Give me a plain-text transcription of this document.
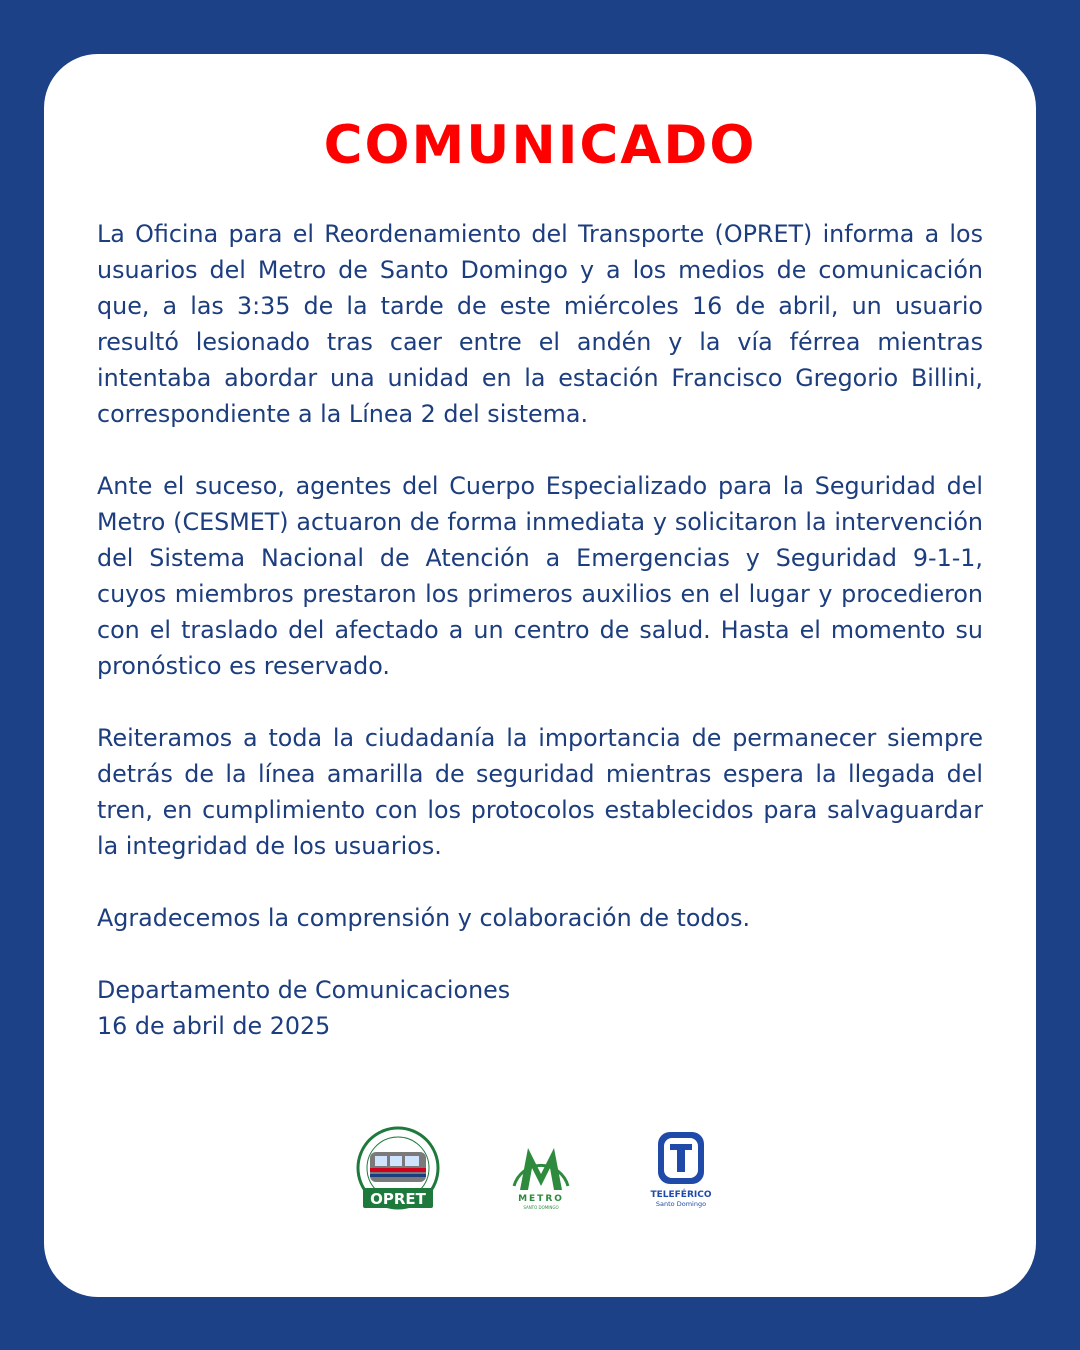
COMUNICADO

La Oficina para el Reordenamiento del Transporte (OPRET) informa a los usuarios del Metro de Santo Domingo y a los medios de comunicación que, a las 3:35 de la tarde de este miércoles 16 de abril, un usuario resultó lesionado tras caer entre el andén y la vía férrea mientras intentaba abordar una unidad en la estación Francisco Gregorio Billini, correspondiente a la Línea 2 del sistema.

Ante el suceso, agentes del Cuerpo Especializado para la Seguridad del Metro (CESMET) actuaron de forma inmediata y solicitaron la intervención del Sistema Nacional de Atención a Emergencias y Seguridad 9-1-1, cuyos miembros prestaron los primeros auxilios en el lugar y procedieron con el traslado del afectado a un centro de salud. Hasta el momento su pronóstico es reservado.

Reiteramos a toda la ciudadanía la importancia de permanecer siempre detrás de la línea amarilla de seguridad mientras espera la llegada del tren, en cumplimiento con los protocolos establecidos para salvaguardar la integridad de los usuarios.

Agradecemos la comprensión y colaboración de todos.

Departamento de Comunicaciones

16 de abril de 2025

OPRET	METRO
SANTO DOMINGO
TELEFÉRICO
Santo Domingo
